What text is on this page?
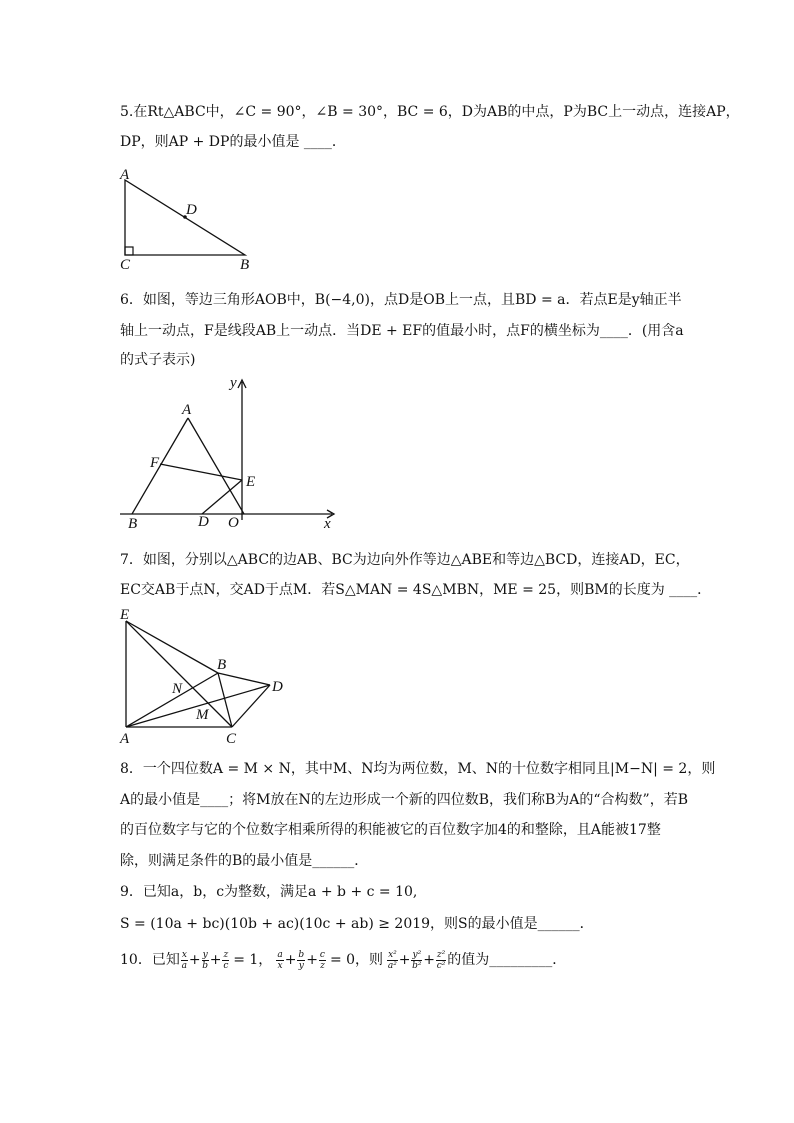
5.在Rt△ABC中，∠C = 90°，∠B = 30°，BC = 6，D为AB的中点，P为BC上一动点，连接AP，
DP，则AP + DP的最小值是 ____．
A
C	B
D
6．如图，等边三角形AOB中，B(−4,0)，点D是OB上一点，且BD = a．若点E是y轴正半
轴上一动点，F是线段AB上一动点．当DE + EF的值最小时，点F的横坐标为____．(用含a
的式子表示)
A
F
E
B	D O	x
y
7．如图，分别以△ABC的边AB、BC为边向外作等边△ABE和等边△BCD，连接AD，EC，
EC交AB于点N，交AD于点M．若S△MAN = 4S△MBN，ME = 25，则BM的长度为 ____．
E
B
D
N
M
A	C
8．一个四位数A = M × N，其中M、N均为两位数，M、N的十位数字相同且|M−N| = 2，则
A的最小值是____；将M放在N的左边形成一个新的四位数B，我们称B为A的“合构数”，若B
的百位数字与它的个位数字相乘所得的积能被它的百位数字加4的和整除，且A能被17整
除，则满足条件的B的最小值是______．
9．已知a，b，c为整数，满足a + b + c = 10,
S = (10a + bc)(10b + ac)(10c + ab) ≥ 2019，则S的最小值是______．
10．已知 x
a + y
$b + \frac{z}{c} = 1$， a
x + b
$y + \frac{c}{z} = 0$，则 x²
a² + y²
b² + z²
c² 的值为_________．
